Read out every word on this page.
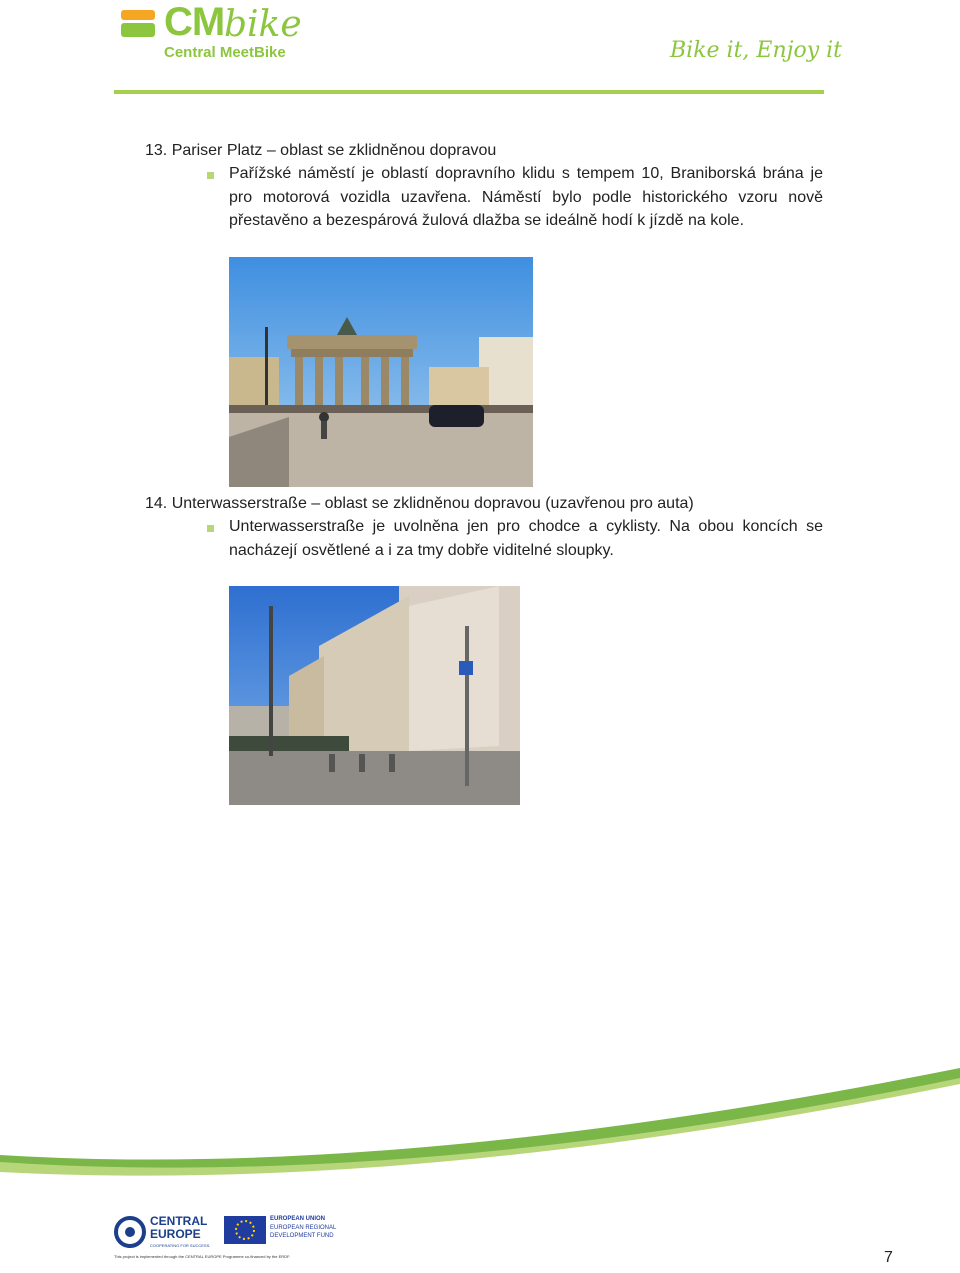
CM bike
Central MeetBike	Bike it, Enjoy it
13. Pariser Platz – oblast se zklidněnou dopravou
Pařížské náměstí je oblastí dopravního klidu s tempem 10, Braniborská brána je pro motorová vozidla uzavřena. Náměstí bylo podle historického vzoru nově přestavěno a bezespárová žulová dlažba se ideálně hodí k jízdě na kole.
14. Unterwasserstraße – oblast se zklidněnou dopravou (uzavřenou pro auta)
Unterwasserstraße je uvolněna jen pro chodce a cyklisty. Na obou koncích se nacházejí osvětlené a i za tmy dobře viditelné sloupky.
CENTRAL
EUROPE
COOPERATING FOR SUCCESS.
EUROPEAN UNION
EUROPEAN REGIONAL
DEVELOPMENT FUND
This project is implemented through the CENTRAL EUROPE Programme co-financed by the ERDF.	7
